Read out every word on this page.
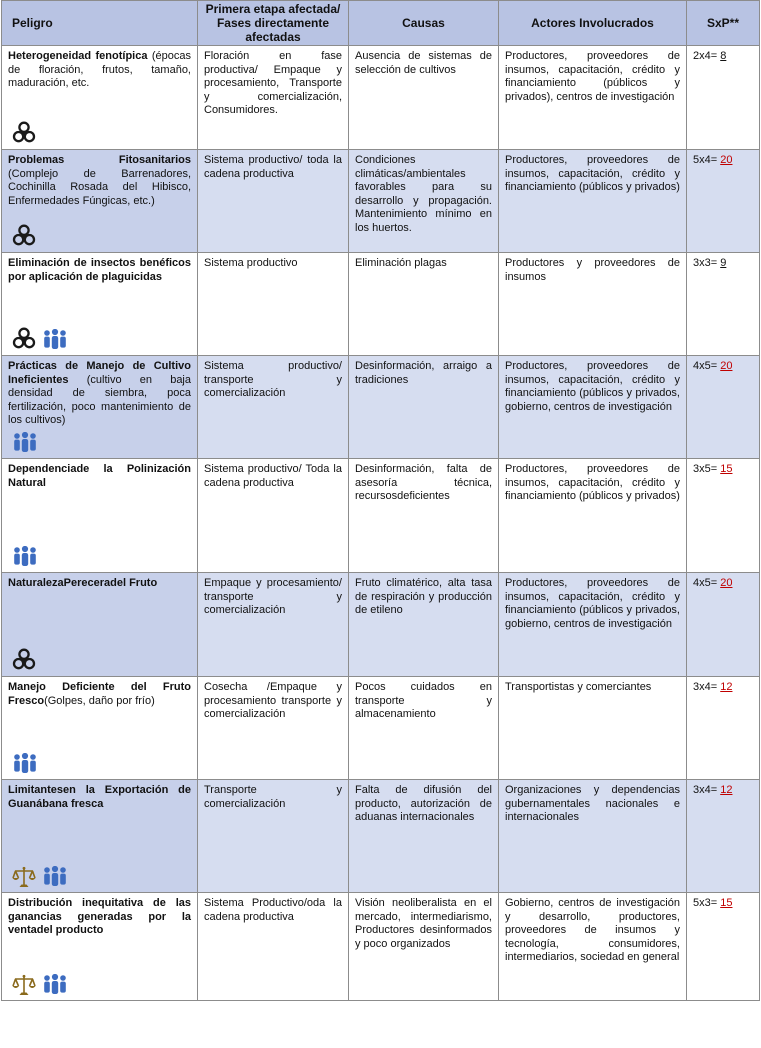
Peligro	Primera etapa afectada/ Fases directamente afectadas	Causas	Actores Involucrados	SxP**
Heterogeneidad fenotípica (épocas de floración, frutos, tamaño, maduración, etc.	Floración en fase productiva/ Empaque y procesamiento, Transporte y comercialización, Consumidores.	Ausencia de sistemas de selección de cultivos	Productores, proveedores de insumos, capacitación, crédito y financiamiento (públicos y privados), centros de investigación	2x4= 8
Problemas Fitosanitarios (Complejo de Barrenadores, Cochinilla Rosada del Hibisco, Enfermedades Fúngicas, etc.)	Sistema productivo/ toda la cadena productiva	Condiciones climáticas/ambientales favorables para su desarrollo y propagación. Mantenimiento mínimo en los huertos.	Productores, proveedores de insumos, capacitación, crédito y financiamiento (públicos y privados)	5x4= 20
Eliminación de insectos benéficos por aplicación de plaguicidas	Sistema productivo	Eliminación plagas	Productores y proveedores de insumos	3x3= 9
Prácticas de Manejo de Cultivo Ineficientes (cultivo en baja densidad de siembra, poca fertilización, poco mantenimiento de los cultivos)	Sistema productivo/ transporte y comercialización	Desinformación, arraigo a tradiciones	Productores, proveedores de insumos, capacitación, crédito y financiamiento (públicos y privados, gobierno, centros de investigación	4x5= 20
Dependenciade la Polinización Natural	Sistema productivo/ Toda la cadena productiva	Desinformación, falta de asesoría técnica, recursosdeficientes	Productores, proveedores de insumos, capacitación, crédito y financiamiento (públicos y privados)	3x5= 15
NaturalezaPereceradel Fruto	Empaque y procesamiento/ transporte y comercialización	Fruto climatérico, alta tasa de respiración y producción de etileno	Productores, proveedores de insumos, capacitación, crédito y financiamiento (públicos y privados, gobierno, centros de investigación	4x5= 20
Manejo Deficiente del Fruto Fresco(Golpes, daño por frío)	Cosecha /Empaque y procesamiento transporte y comercialización	Pocos cuidados en transporte y almacenamiento	Transportistas y comerciantes	3x4= 12
Limitantesen la Exportación de Guanábana fresca	Transporte y comercialización	Falta de difusión del producto, autorización de aduanas internacionales	Organizaciones y dependencias gubernamentales nacionales e internacionales	3x4= 12
Distribución inequitativa de las ganancias generadas por la ventadel producto	Sistema Productivo/oda la cadena productiva	Visión neoliberalista en el mercado, intermediarismo, Productores desinformados y poco organizados	Gobierno, centros de investigación y desarrollo, productores, proveedores de insumos y tecnología, consumidores, intermediarios, sociedad en general	5x3= 15
